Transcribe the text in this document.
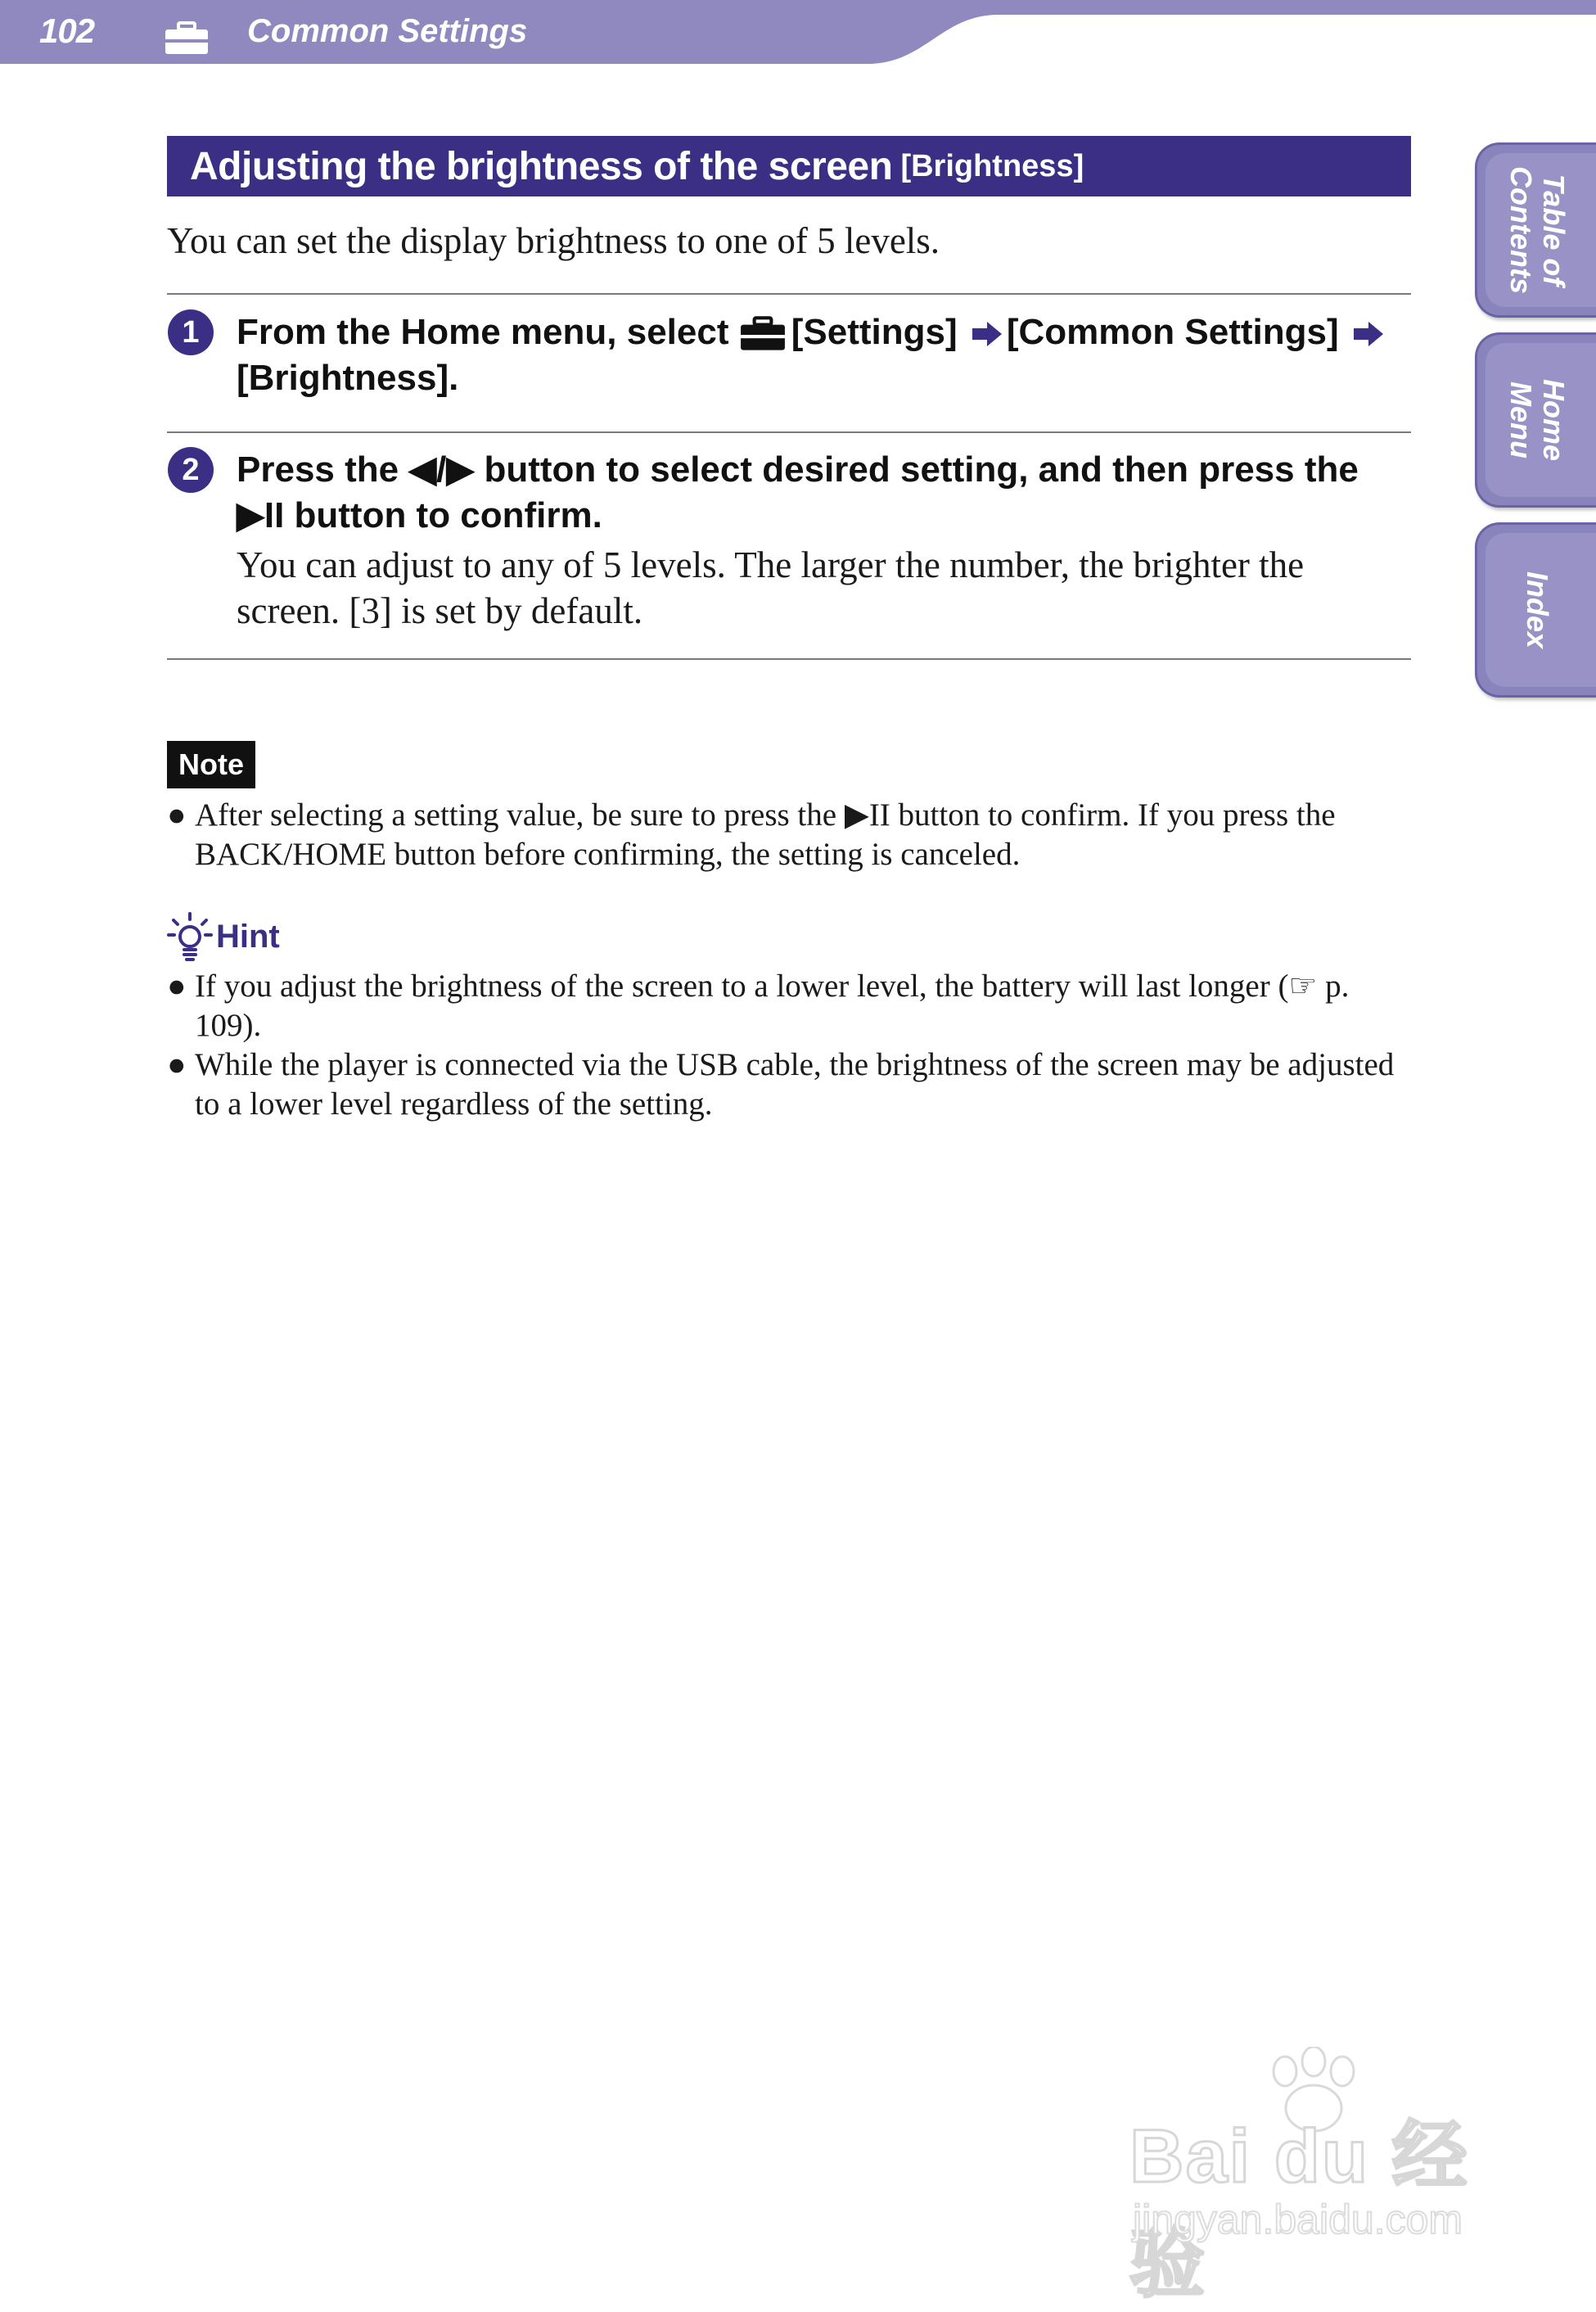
102	Common Settings
Adjusting the brightness of the screen [Brightness]
You can set the display brightness to one of 5 levels.
1	From the Home menu, select [Settings] [Common Settings]
[Brightness].
2	Press the ◀/▶ button to select desired setting, and then press the
▶II button to confirm.
You can adjust to any of 5 levels. The larger the number, the brighter the screen. [3] is set by default.
Note
● After selecting a setting value, be sure to press the ▶II button to confirm. If you press the BACK/HOME button before confirming, the setting is canceled.
Hint
● If you adjust the brightness of the screen to a lower level, the battery will last longer (☞ p. 109).
● While the player is connected via the USB cable, the brightness of the screen may be adjusted to a lower level regardless of the setting.
Table of
Contents
Home
Menu
Index
Bai du 经验
jingyan.baidu.com
